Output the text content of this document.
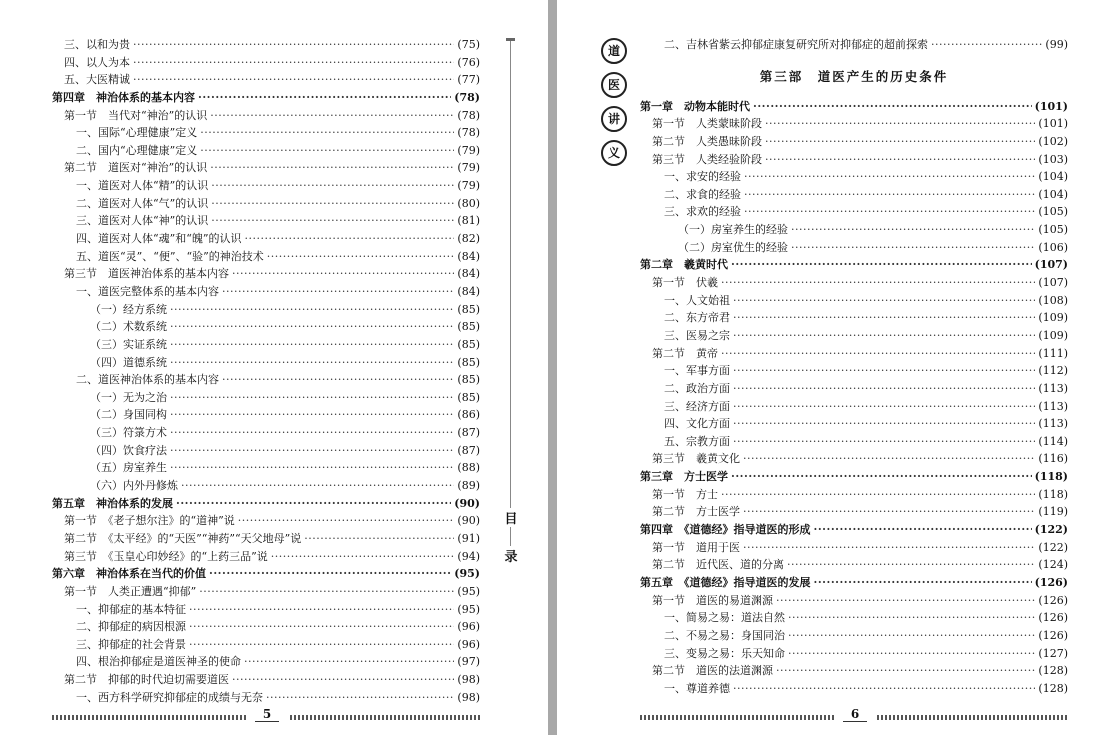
三、以和为贵 ·····	(75)
四、以人为本 ·····	(76)
五、大医精诚 ·····	(77)
第四章　神治体系的基本内容 ·····	(78)
第一节　当代对“神治”的认识 ·····	(78)
一、国际“心理健康”定义 ·····	(78)
二、国内“心理健康”定义 ·····	(79)
第二节　道医对“神治”的认识 ·····	(79)
一、道医对人体“精”的认识 ·····	(79)
二、道医对人体“气”的认识 ·····	(80)
三、道医对人体“神”的认识 ·····	(81)
四、道医对人体“魂”和“魄”的认识 ·····	(82)
五、道医“灵”、“便”、“验”的神治技术 ·····	(84)
第三节　道医神治体系的基本内容 ·····	(84)
一、道医完整体系的基本内容 ·····	(84)
（一）经方系统 ·····	(85)
（二）术数系统 ·····	(85)
（三）实证系统 ·····	(85)
（四）道德系统 ·····	(85)
二、道医神治体系的基本内容 ·····	(85)
（一）无为之治 ·····	(85)
（二）身国同构 ·····	(86)
（三）符箓方术 ·····	(87)
（四）饮食疗法 ·····	(87)
（五）房室养生 ·····	(88)
（六）内外丹修炼 ·····	(89)
第五章　神治体系的发展 ·····	(90)
第一节　《老子想尔注》的“道神”说 ·····	(90)
第二节　《太平经》的“天医”“神药”“天父地母”说 ·····	(91)
第三节　《玉皇心印妙经》的“上药三品”说 ·····	(94)
第六章　神治体系在当代的价值 ·····	(95)
第一节　人类正遭遇“抑郁” ·····	(95)
一、抑郁症的基本特征 ·····	(95)
二、抑郁症的病因根源 ·····	(96)
三、抑郁症的社会背景 ·····	(96)
四、根治抑郁症是道医神圣的使命 ·····	(97)
第二节　抑郁的时代迫切需要道医 ·····	(98)
一、西方科学研究抑郁症的成绩与无奈 ·····	(98)
目
录
5
道
医
讲
义
二、吉林省紫云抑郁症康复研究所对抑郁症的超前探索 ·····	(99)
第三部　道医产生的历史条件
第一章　动物本能时代 ·····	(101)
第一节　人类蒙昧阶段 ·····	(101)
第二节　人类愚昧阶段 ·····	(102)
第三节　人类经验阶段 ·····	(103)
一、求安的经验 ·····	(104)
二、求食的经验 ·····	(104)
三、求欢的经验 ·····	(105)
（一）房室养生的经验 ·····	(105)
（二）房室优生的经验 ·····	(106)
第二章　羲黄时代 ·····	(107)
第一节　伏羲 ·····	(107)
一、人文始祖 ·····	(108)
二、东方帝君 ·····	(109)
三、医易之宗 ·····	(109)
第二节　黄帝 ·····	(111)
一、军事方面 ·····	(112)
二、政治方面 ·····	(113)
三、经济方面 ·····	(113)
四、文化方面 ·····	(113)
五、宗教方面 ·····	(114)
第三节　羲黄文化 ·····	(116)
第三章　方士医学 ·····	(118)
第一节　方士 ·····	(118)
第二节　方士医学 ·····	(119)
第四章　《道德经》指导道医的形成 ·····	(122)
第一节　道用于医 ·····	(122)
第二节　近代医、道的分离 ·····	(124)
第五章　《道德经》指导道医的发展 ·····	(126)
第一节　道医的易道渊源 ·····	(126)
一、简易之易：道法自然 ·····	(126)
二、不易之易：身国同治 ·····	(126)
三、变易之易：乐天知命 ·····	(127)
第二节　道医的法道渊源 ·····	(128)
一、尊道养德 ·····	(128)
6
